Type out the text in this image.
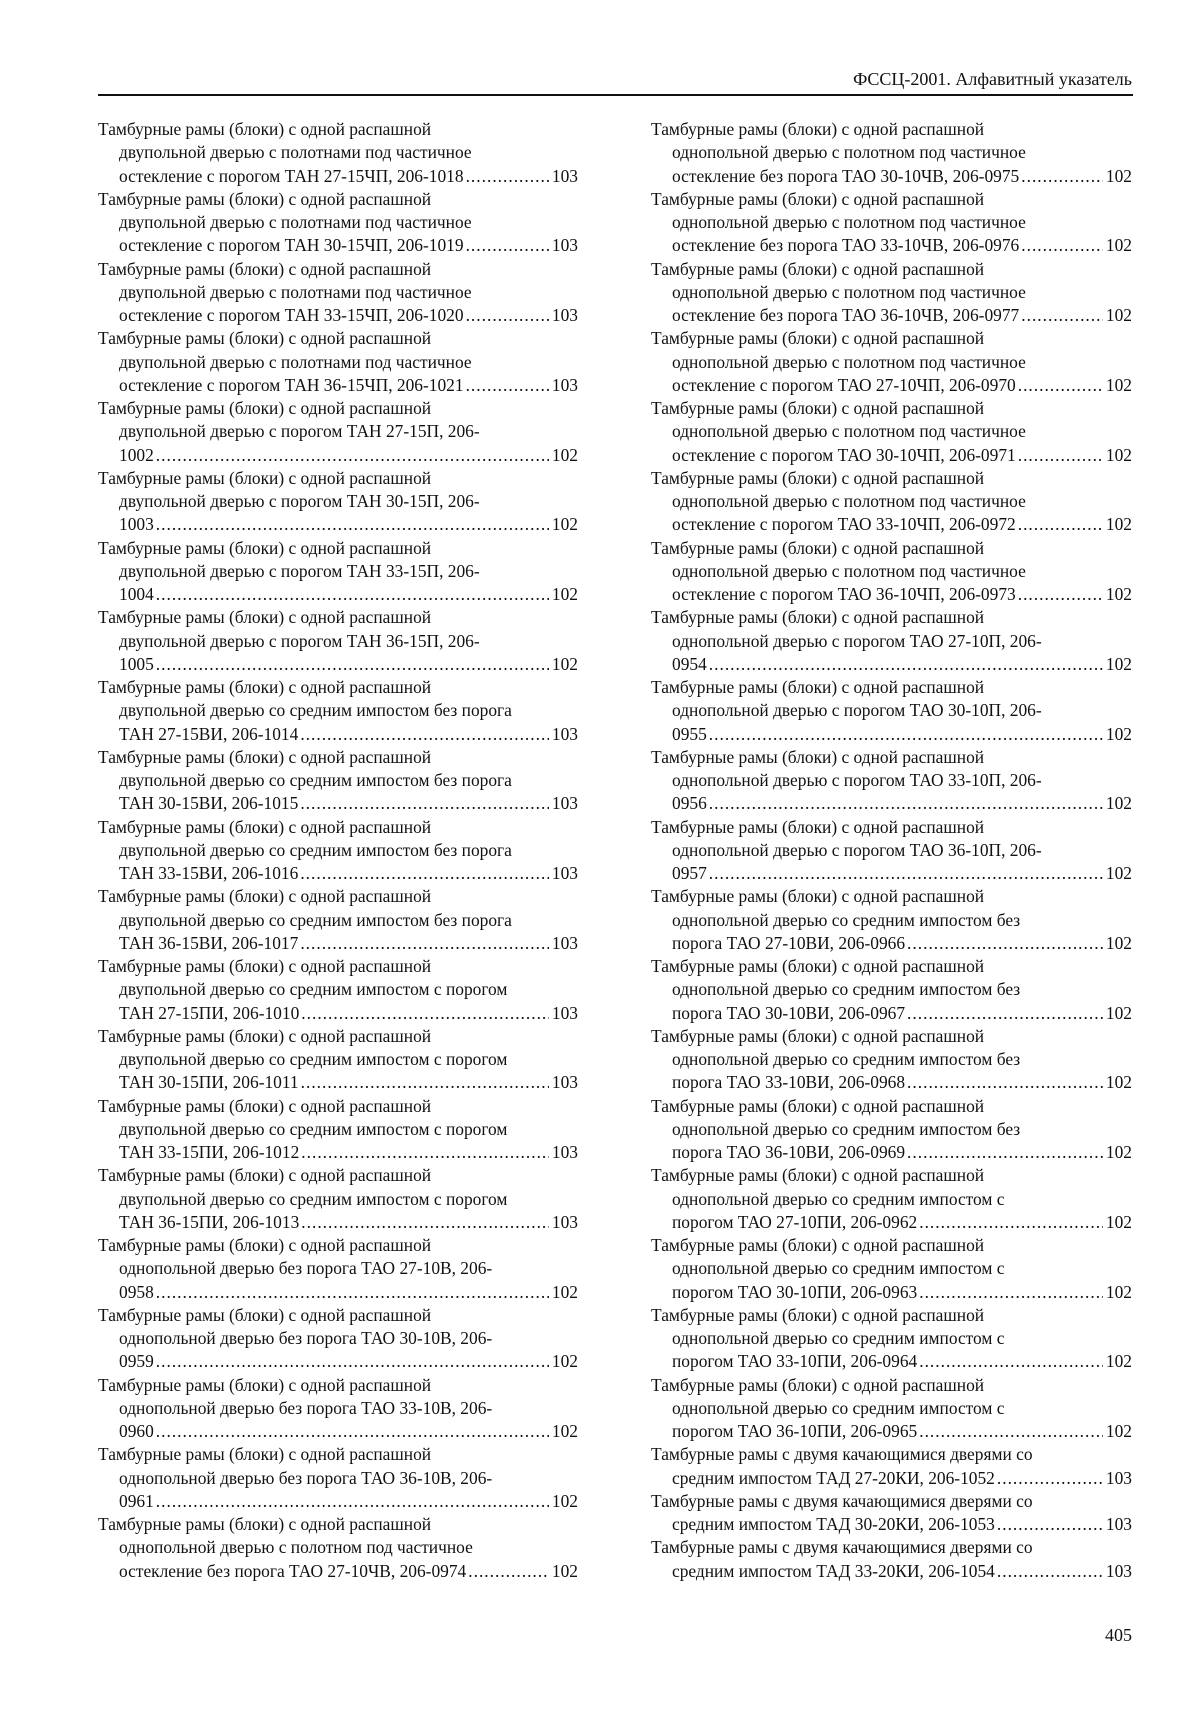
ФССЦ-2001. Алфавитный указатель
Тамбурные рамы (блоки) с одной распашной
двупольной дверью с полотнами под частичное
остекление с порогом ТАН 27-15ЧП, 206-1018 .....	103
Тамбурные рамы (блоки) с одной распашной
двупольной дверью с полотнами под частичное
остекление с порогом ТАН 30-15ЧП, 206-1019 .....	103
Тамбурные рамы (блоки) с одной распашной
двупольной дверью с полотнами под частичное
остекление с порогом ТАН 33-15ЧП, 206-1020 .....	103
Тамбурные рамы (блоки) с одной распашной
двупольной дверью с полотнами под частичное
остекление с порогом ТАН 36-15ЧП, 206-1021 .....	103
Тамбурные рамы (блоки) с одной распашной
двупольной дверью с порогом ТАН 27-15П, 206-
1002 .....	102
Тамбурные рамы (блоки) с одной распашной
двупольной дверью с порогом ТАН 30-15П, 206-
1003 .....	102
Тамбурные рамы (блоки) с одной распашной
двупольной дверью с порогом ТАН 33-15П, 206-
1004 .....	102
Тамбурные рамы (блоки) с одной распашной
двупольной дверью с порогом ТАН 36-15П, 206-
1005 .....	102
Тамбурные рамы (блоки) с одной распашной
двупольной дверью со средним импостом без порога
ТАН 27-15ВИ, 206-1014 .....	103
Тамбурные рамы (блоки) с одной распашной
двупольной дверью со средним импостом без порога
ТАН 30-15ВИ, 206-1015 .....	103
Тамбурные рамы (блоки) с одной распашной
двупольной дверью со средним импостом без порога
ТАН 33-15ВИ, 206-1016 .....	103
Тамбурные рамы (блоки) с одной распашной
двупольной дверью со средним импостом без порога
ТАН 36-15ВИ, 206-1017 .....	103
Тамбурные рамы (блоки) с одной распашной
двупольной дверью со средним импостом с порогом
ТАН 27-15ПИ, 206-1010 .....	103
Тамбурные рамы (блоки) с одной распашной
двупольной дверью со средним импостом с порогом
ТАН 30-15ПИ, 206-1011 .....	103
Тамбурные рамы (блоки) с одной распашной
двупольной дверью со средним импостом с порогом
ТАН 33-15ПИ, 206-1012 .....	103
Тамбурные рамы (блоки) с одной распашной
двупольной дверью со средним импостом с порогом
ТАН 36-15ПИ, 206-1013 .....	103
Тамбурные рамы (блоки) с одной распашной
однопольной дверью без порога ТАО 27-10В, 206-
0958 .....	102
Тамбурные рамы (блоки) с одной распашной
однопольной дверью без порога ТАО 30-10В, 206-
0959 .....	102
Тамбурные рамы (блоки) с одной распашной
однопольной дверью без порога ТАО 33-10В, 206-
0960 .....	102
Тамбурные рамы (блоки) с одной распашной
однопольной дверью без порога ТАО 36-10В, 206-
0961 .....	102
Тамбурные рамы (блоки) с одной распашной
однопольной дверью с полотном под частичное
остекление без порога ТАО 27-10ЧВ, 206-0974 .....	102
Тамбурные рамы (блоки) с одной распашной
однопольной дверью с полотном под частичное
остекление без порога ТАО 30-10ЧВ, 206-0975 .....	102
Тамбурные рамы (блоки) с одной распашной
однопольной дверью с полотном под частичное
остекление без порога ТАО 33-10ЧВ, 206-0976 .....	102
Тамбурные рамы (блоки) с одной распашной
однопольной дверью с полотном под частичное
остекление без порога ТАО 36-10ЧВ, 206-0977 .....	102
Тамбурные рамы (блоки) с одной распашной
однопольной дверью с полотном под частичное
остекление с порогом ТАО 27-10ЧП, 206-0970 .....	102
Тамбурные рамы (блоки) с одной распашной
однопольной дверью с полотном под частичное
остекление с порогом ТАО 30-10ЧП, 206-0971 .....	102
Тамбурные рамы (блоки) с одной распашной
однопольной дверью с полотном под частичное
остекление с порогом ТАО 33-10ЧП, 206-0972 .....	102
Тамбурные рамы (блоки) с одной распашной
однопольной дверью с полотном под частичное
остекление с порогом ТАО 36-10ЧП, 206-0973 .....	102
Тамбурные рамы (блоки) с одной распашной
однопольной дверью с порогом ТАО 27-10П, 206-
0954 .....	102
Тамбурные рамы (блоки) с одной распашной
однопольной дверью с порогом ТАО 30-10П, 206-
0955 .....	102
Тамбурные рамы (блоки) с одной распашной
однопольной дверью с порогом ТАО 33-10П, 206-
0956 .....	102
Тамбурные рамы (блоки) с одной распашной
однопольной дверью с порогом ТАО 36-10П, 206-
0957 .....	102
Тамбурные рамы (блоки) с одной распашной
однопольной дверью со средним импостом без
порога ТАО 27-10ВИ, 206-0966 .....	102
Тамбурные рамы (блоки) с одной распашной
однопольной дверью со средним импостом без
порога ТАО 30-10ВИ, 206-0967 .....	102
Тамбурные рамы (блоки) с одной распашной
однопольной дверью со средним импостом без
порога ТАО 33-10ВИ, 206-0968 .....	102
Тамбурные рамы (блоки) с одной распашной
однопольной дверью со средним импостом без
порога ТАО 36-10ВИ, 206-0969 .....	102
Тамбурные рамы (блоки) с одной распашной
однопольной дверью со средним импостом с
порогом ТАО 27-10ПИ, 206-0962 .....	102
Тамбурные рамы (блоки) с одной распашной
однопольной дверью со средним импостом с
порогом ТАО 30-10ПИ, 206-0963 .....	102
Тамбурные рамы (блоки) с одной распашной
однопольной дверью со средним импостом с
порогом ТАО 33-10ПИ, 206-0964 .....	102
Тамбурные рамы (блоки) с одной распашной
однопольной дверью со средним импостом с
порогом ТАО 36-10ПИ, 206-0965 .....	102
Тамбурные рамы с двумя качающимися дверями со
средним импостом ТАД 27-20КИ, 206-1052 .....	103
Тамбурные рамы с двумя качающимися дверями со
средним импостом ТАД 30-20КИ, 206-1053 .....	103
Тамбурные рамы с двумя качающимися дверями со
средним импостом ТАД 33-20КИ, 206-1054 .....	103
405
